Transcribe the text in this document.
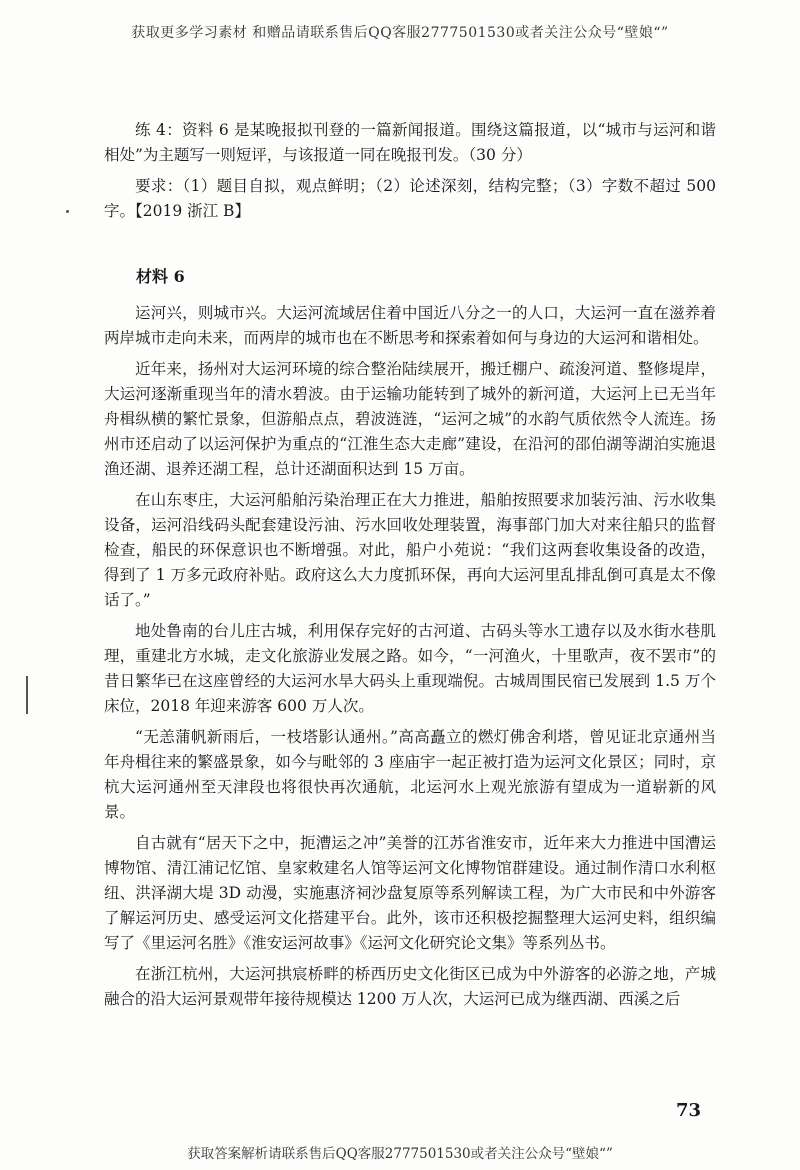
获取更多学习素材 和赠品请联系售后QQ客服2777501530或者关注公众号“壁娘“”

练 4：资料 6 是某晚报拟刊登的一篇新闻报道。围绕这篇报道，以“城市与运河和谐相处”为主题写一则短评，与该报道一同在晚报刊发。（30 分）

要求：（1）题目自拟，观点鲜明；（2）论述深刻，结构完整；（3）字数不超过 500 字。【2019 浙江 B】

材料 6

运河兴，则城市兴。大运河流域居住着中国近八分之一的人口，大运河一直在滋养着两岸城市走向未来，而两岸的城市也在不断思考和探索着如何与身边的大运河和谐相处。

近年来，扬州对大运河环境的综合整治陆续展开，搬迁棚户、疏浚河道、整修堤岸，大运河逐渐重现当年的清水碧波。由于运输功能转到了城外的新河道，大运河上已无当年舟楫纵横的繁忙景象，但游船点点，碧波涟涟，“运河之城”的水韵气质依然令人流连。扬州市还启动了以运河保护为重点的“江淮生态大走廊”建设，在沿河的邵伯湖等湖泊实施退渔还湖、退养还湖工程，总计还湖面积达到 15 万亩。

在山东枣庄，大运河船舶污染治理正在大力推进，船舶按照要求加装污油、污水收集设备，运河沿线码头配套建设污油、污水回收处理装置，海事部门加大对来往船只的监督检查，船民的环保意识也不断增强。对此，船户小苑说：“我们这两套收集设备的改造，得到了 1 万多元政府补贴。政府这么大力度抓环保，再向大运河里乱排乱倒可真是太不像话了。”

地处鲁南的台儿庄古城，利用保存完好的古河道、古码头等水工遗存以及水街水巷肌理，重建北方水城，走文化旅游业发展之路。如今，“一河渔火，十里歌声，夜不罢市”的昔日繁华已在这座曾经的大运河水旱大码头上重现端倪。古城周围民宿已发展到 1.5 万个床位，2018 年迎来游客 600 万人次。

“无恙蒲帆新雨后，一枝塔影认通州。”高高矗立的燃灯佛舍利塔，曾见证北京通州当年舟楫往来的繁盛景象，如今与毗邻的 3 座庙宇一起正被打造为运河文化景区；同时，京杭大运河通州至天津段也将很快再次通航，北运河水上观光旅游有望成为一道崭新的风景。

自古就有“居天下之中，扼漕运之冲”美誉的江苏省淮安市，近年来大力推进中国漕运博物馆、清江浦记忆馆、皇家敕建名人馆等运河文化博物馆群建设。通过制作清口水利枢纽、洪泽湖大堤 3D 动漫，实施惠济祠沙盘复原等系列解读工程，为广大市民和中外游客了解运河历史、感受运河文化搭建平台。此外，该市还积极挖掘整理大运河史料，组织编写了《里运河名胜》《淮安运河故事》《运河文化研究论文集》等系列丛书。

在浙江杭州，大运河拱宸桥畔的桥西历史文化街区已成为中外游客的必游之地，产城融合的沿大运河景观带年接待规模达 1200 万人次，大运河已成为继西湖、西溪之后

73
获取答案解析请联系售后QQ客服2777501530或者关注公众号“壁娘“”
